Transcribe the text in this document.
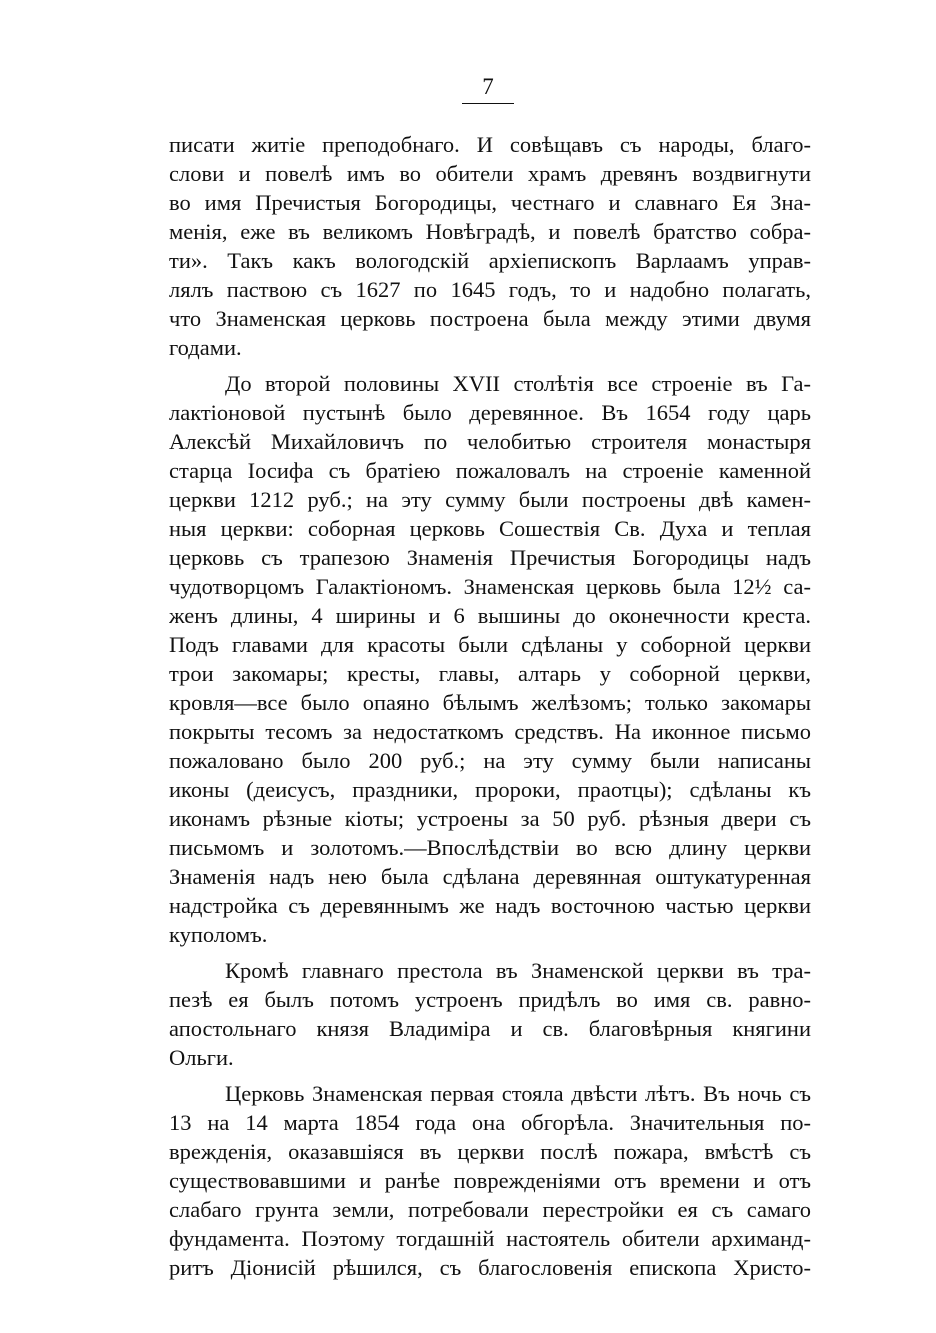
7
писати житіе преподобнаго. И совѣщавъ съ народы, благо-
слови и повелѣ имъ во обители храмъ древянъ воздвигнути
во имя Пречистыя Богородицы, честнаго и славнаго Ея Зна-
менія, еже въ великомъ Новѣградѣ, и повелѣ братство собра-
ти». Такъ какъ вологодскій архіепископъ Варлаамъ управ-
лялъ паствою съ 1627 по 1645 годъ, то и надобно полагать,
что Знаменская церковь построена была между этими двумя
годами.
До второй половины XVII столѣтія все строеніе въ Га-
лактіоновой пустынѣ было деревянное. Въ 1654 году царь
Алексѣй Михайловичъ по челобитью строителя монастыря
старца Іосифа съ братіею пожаловалъ на строеніе каменной
церкви 1212 руб.; на эту сумму были построены двѣ камен-
ныя церкви: соборная церковь Сошествія Св. Духа и теплая
церковь съ трапезою Знаменія Пречистыя Богородицы надъ
чудотворцомъ Галактіономъ. Знаменская церковь была 12½ са-
женъ длины, 4 ширины и 6 вышины до оконечности креста.
Подъ главами для красоты были сдѣланы у соборной церкви
трои закомары; кресты, главы, алтарь у соборной церкви,
кровля—все было опаяно бѣлымъ желѣзомъ; только закомары
покрыты тесомъ за недостаткомъ средствъ. На иконное письмо
пожаловано было 200 руб.; на эту сумму были написаны
иконы (деисусъ, праздники, пророки, праотцы); сдѣланы къ
иконамъ рѣзные кіоты; устроены за 50 руб. рѣзныя двери съ
письмомъ и золотомъ.—Впослѣдствіи во всю длину церкви
Знаменія надъ нею была сдѣлана деревянная оштукатуренная
надстройка съ деревяннымъ же надъ восточною частью церкви
куполомъ.
Кромѣ главнаго престола въ Знаменской церкви въ тра-
пезѣ ея былъ потомъ устроенъ придѣлъ во имя св. равно-
апостольнаго князя Владиміра и св. благовѣрныя княгини
Ольги.
Церковь Знаменская первая стояла двѣсти лѣтъ. Въ ночь съ
13 на 14 марта 1854 года она обгорѣла. Значительныя по-
врежденія, оказавшіяся въ церкви послѣ пожара, вмѣстѣ съ
существовавшими и ранѣе поврежденіями отъ времени и отъ
слабаго грунта земли, потребовали перестройки ея съ самаго
фундамента. Поэтому тогдашній настоятель обители архиманд-
ритъ Діонисій рѣшился, съ благословенія епископа Христо-
